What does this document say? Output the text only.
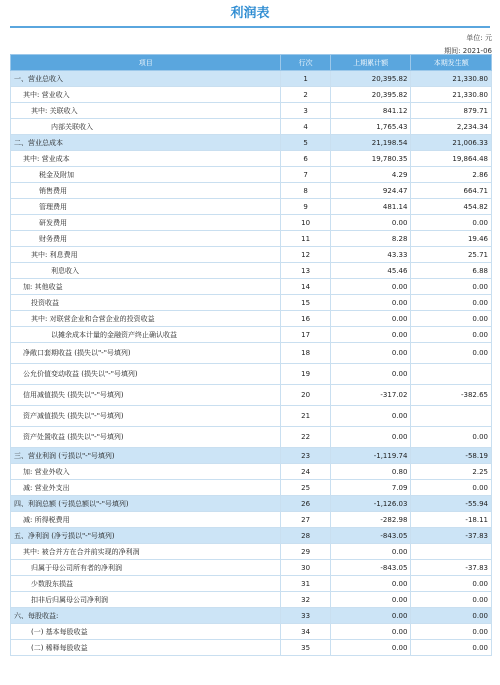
利润表
单位: 元
期间: 2021-06
项目	行次	上期累计额	本期发生额
一、营业总收入	1	20,395.82	21,330.80
其中: 营业收入	2	20,395.82	21,330.80
其中: 关联收入	3	841.12	879.71
内部关联收入	4	1,765.43	2,234.34
二、营业总成本	5	21,198.54	21,006.33
其中: 营业成本	6	19,780.35	19,864.48
税金及附加	7	4.29	2.86
销售费用	8	924.47	664.71
管理费用	9	481.14	454.82
研发费用	10	0.00	0.00
财务费用	11	8.28	19.46
其中: 利息费用	12	43.33	25.71
利息收入	13	45.46	6.88
加: 其他收益	14	0.00	0.00
投资收益	15	0.00	0.00
其中: 对联营企业和合营企业的投资收益	16	0.00	0.00
以摊余成本计量的金融资产终止确认收益	17	0.00	0.00
净敞口套期收益 (损失以"-"号填列)	18	0.00	0.00
公允价值变动收益 (损失以"-"号填列)	19	0.00	
信用减值损失 (损失以"-"号填列)	20	-317.02	-382.65
资产减值损失 (损失以"-"号填列)	21	0.00	
资产处置收益 (损失以"-"号填列)	22	0.00	0.00
三、营业利润 (亏损以"-"号填列)	23	-1,119.74	-58.19
加: 营业外收入	24	0.80	2.25
减: 营业外支出	25	7.09	0.00
四、利润总额 (亏损总额以"-"号填列)	26	-1,126.03	-55.94
减: 所得税费用	27	-282.98	-18.11
五、净利润 (净亏损以"-"号填列)	28	-843.05	-37.83
其中: 被合并方在合并前实现的净利润	29	0.00	
归属于母公司所有者的净利润	30	-843.05	-37.83
少数股东损益	31	0.00	0.00
扣非后归属母公司净利润	32	0.00	0.00
六、每股收益:	33	0.00	0.00
(一) 基本每股收益	34	0.00	0.00
(二) 稀释每股收益	35	0.00	0.00
